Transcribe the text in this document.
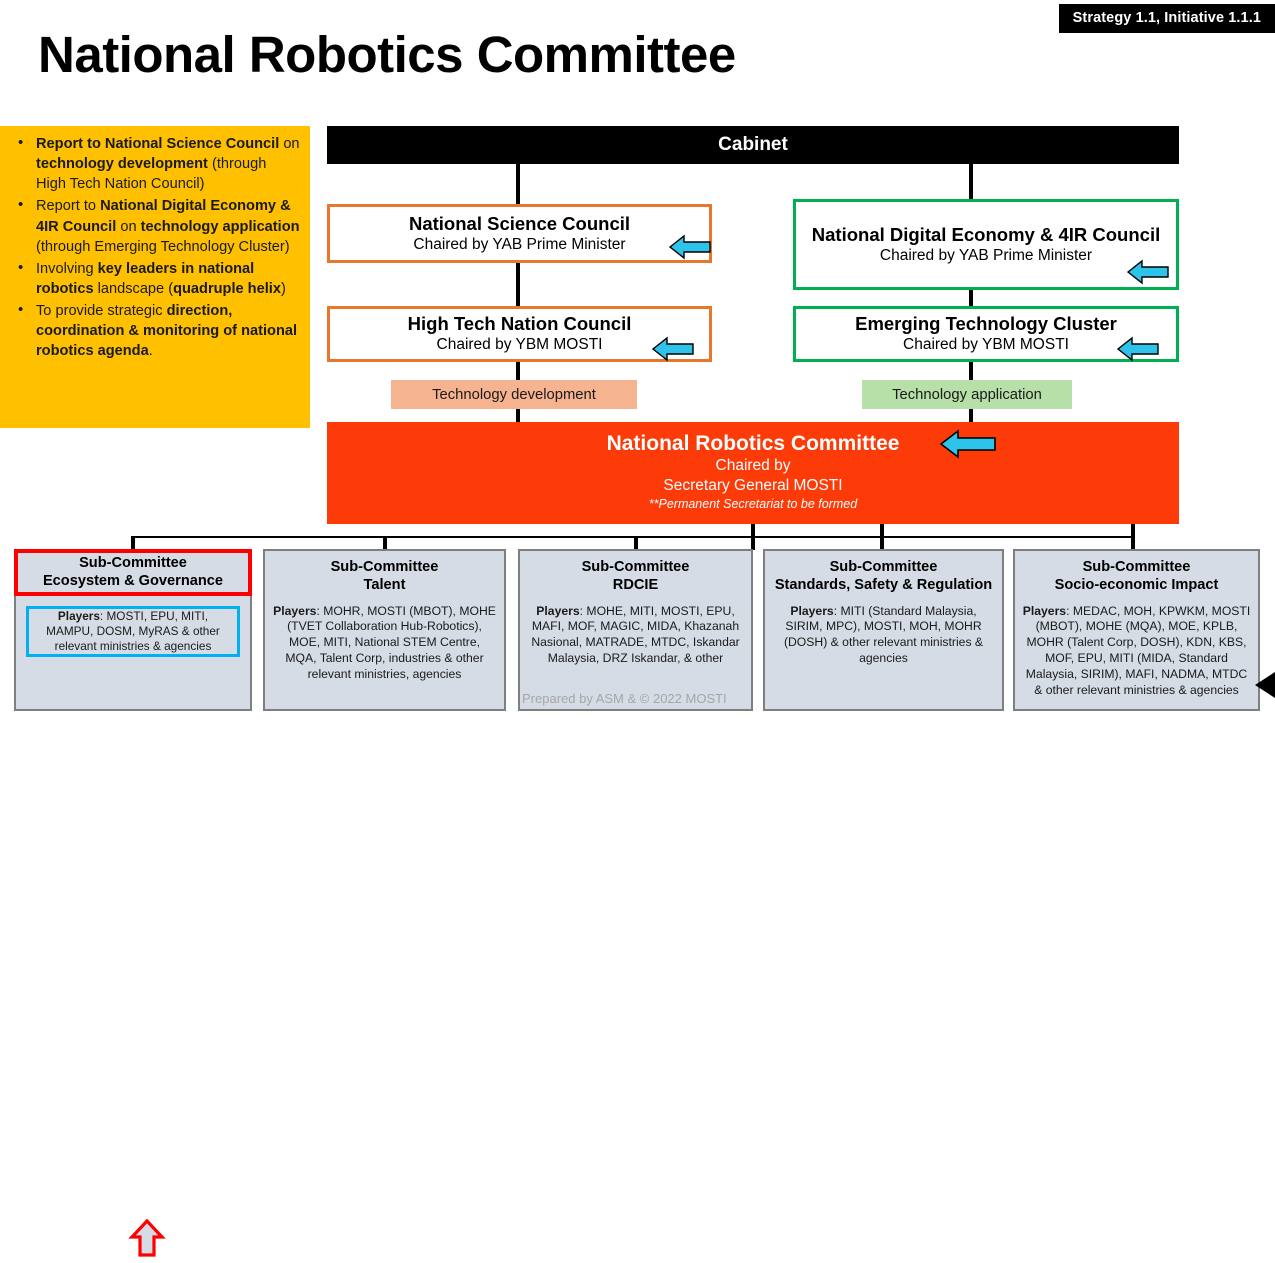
Strategy 1.1, Initiative 1.1.1
National Robotics Committee
• Report to National Science Council on technology development (through High Tech Nation Council)
• Report to National Digital Economy & 4IR Council on technology application (through Emerging Technology Cluster)
• Involving key leaders in national robotics landscape (quadruple helix)
• To provide strategic direction, coordination & monitoring of national robotics agenda.
Cabinet
National Science Council
Chaired by YAB Prime Minister	National Digital Economy & 4IR Council
Chaired by YAB Prime Minister
High Tech Nation Council
Chaired by YBM MOSTI
Emerging Technology Cluster
Chaired by YBM MOSTI
Technology development	Technology application
National Robotics Committee
Chaired by
Secretary General MOSTI
**Permanent Secretariat to be formed
Sub-Committee
Ecosystem & Governance
Players: MOSTI, EPU, MITI, MAMPU, DOSM, MyRAS & other relevant ministries & agencies
Sub-Committee
Talent
Players: MOHR, MOSTI (MBOT), MOHE (TVET Collaboration Hub-Robotics), MOE, MITI, National STEM Centre, MQA, Talent Corp, industries & other relevant ministries, agencies
Sub-Committee
RDCIE
Players: MOHE, MITI, MOSTI, EPU, MAFI, MOF, MAGIC, MIDA, Khazanah Nasional, MATRADE, MTDC, Iskandar Malaysia, DRZ Iskandar, & other
Sub-Committee
Standards, Safety & Regulation
Players: MITI (Standard Malaysia, SIRIM, MPC), MOSTI, MOH, MOHR (DOSH) & other relevant ministries & agencies
Sub-Committee
Socio-economic Impact
Players: MEDAC, MOH, KPWKM, MOSTI (MBOT), MOHE (MQA), MOE, KPLB, MOHR (Talent Corp, DOSH), KDN, KBS, MOF, EPU, MITI (MIDA, Standard Malaysia, SIRIM), MAFI, NADMA, MTDC & other relevant ministries & agencies
Prepared by ASM & © 2022 MOSTI
